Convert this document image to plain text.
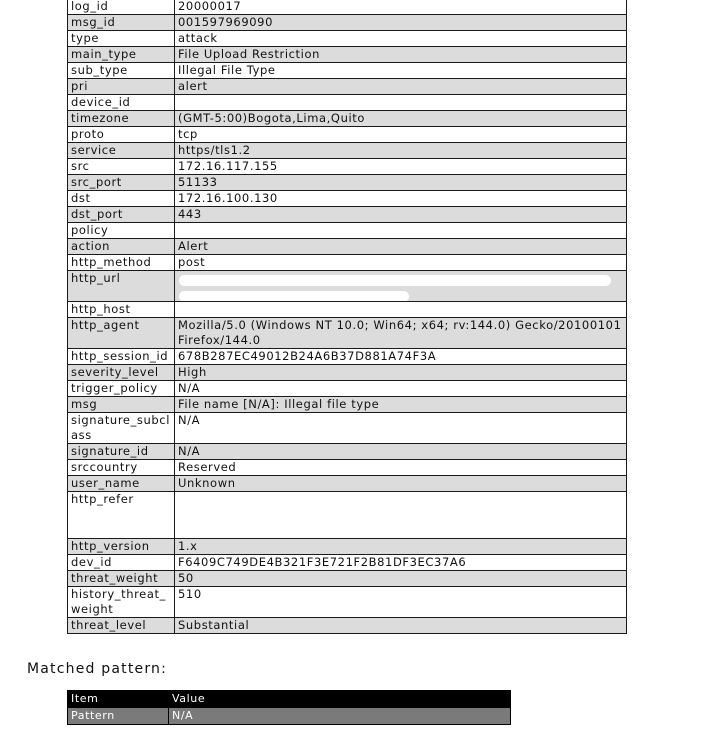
log_id	20000017
msg_id	001597969090
type	attack
main_type	File Upload Restriction
sub_type	Illegal File Type
pri	alert
device_id	
timezone	(GMT-5:00)Bogota,Lima,Quito
proto	tcp
service	https/tls1.2
src	172.16.117.155
src_port	51133
dst	172.16.100.130
dst_port	443
policy	
action	Alert
http_method	post
http_url	

http_host	
http_agent	Mozilla/5.0 (Windows NT 10.0; Win64; x64; rv:144.0) Gecko/20100101 Firefox/144.0
http_session_id	678B287EC49012B24A6B37D881A74F3A
severity_level	High
trigger_policy	N/A
msg	File name [N/A]: Illegal file type
signature_subclass	N/A
signature_id	N/A
srccountry	Reserved
user_name	Unknown
http_refer	
http_version	1.x
dev_id	F6409C749DE4B321F3E721F2B81DF3EC37A6
threat_weight	50
history_threat_weight	510
threat_level	Substantial
Matched pattern:
Item	Value
Pattern	N/A
